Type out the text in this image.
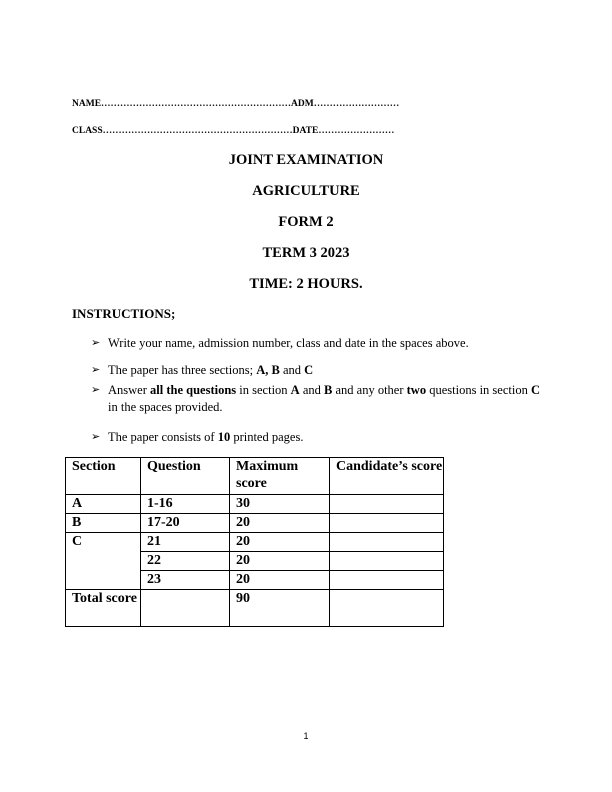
NAME……………………………………………………ADM………………………
CLASS……………………………………………………DATE……………………
JOINT EXAMINATION
AGRICULTURE
FORM 2
TERM 3 2023
TIME: 2 HOURS.
INSTRUCTIONS;
➢ Write your name, admission number, class and date in the spaces above.
➢ The paper has three sections; A, B and C
➢ Answer all the questions in section A and B and any other two questions in section C in the spaces provided.
➢ The paper consists of 10 printed pages.
Section	Question	Maximum score	Candidate’s score
A	1-16	30	
B	17-20	20	
C	21	20	
	22	20	
	23	20	
Total score		90	
1
